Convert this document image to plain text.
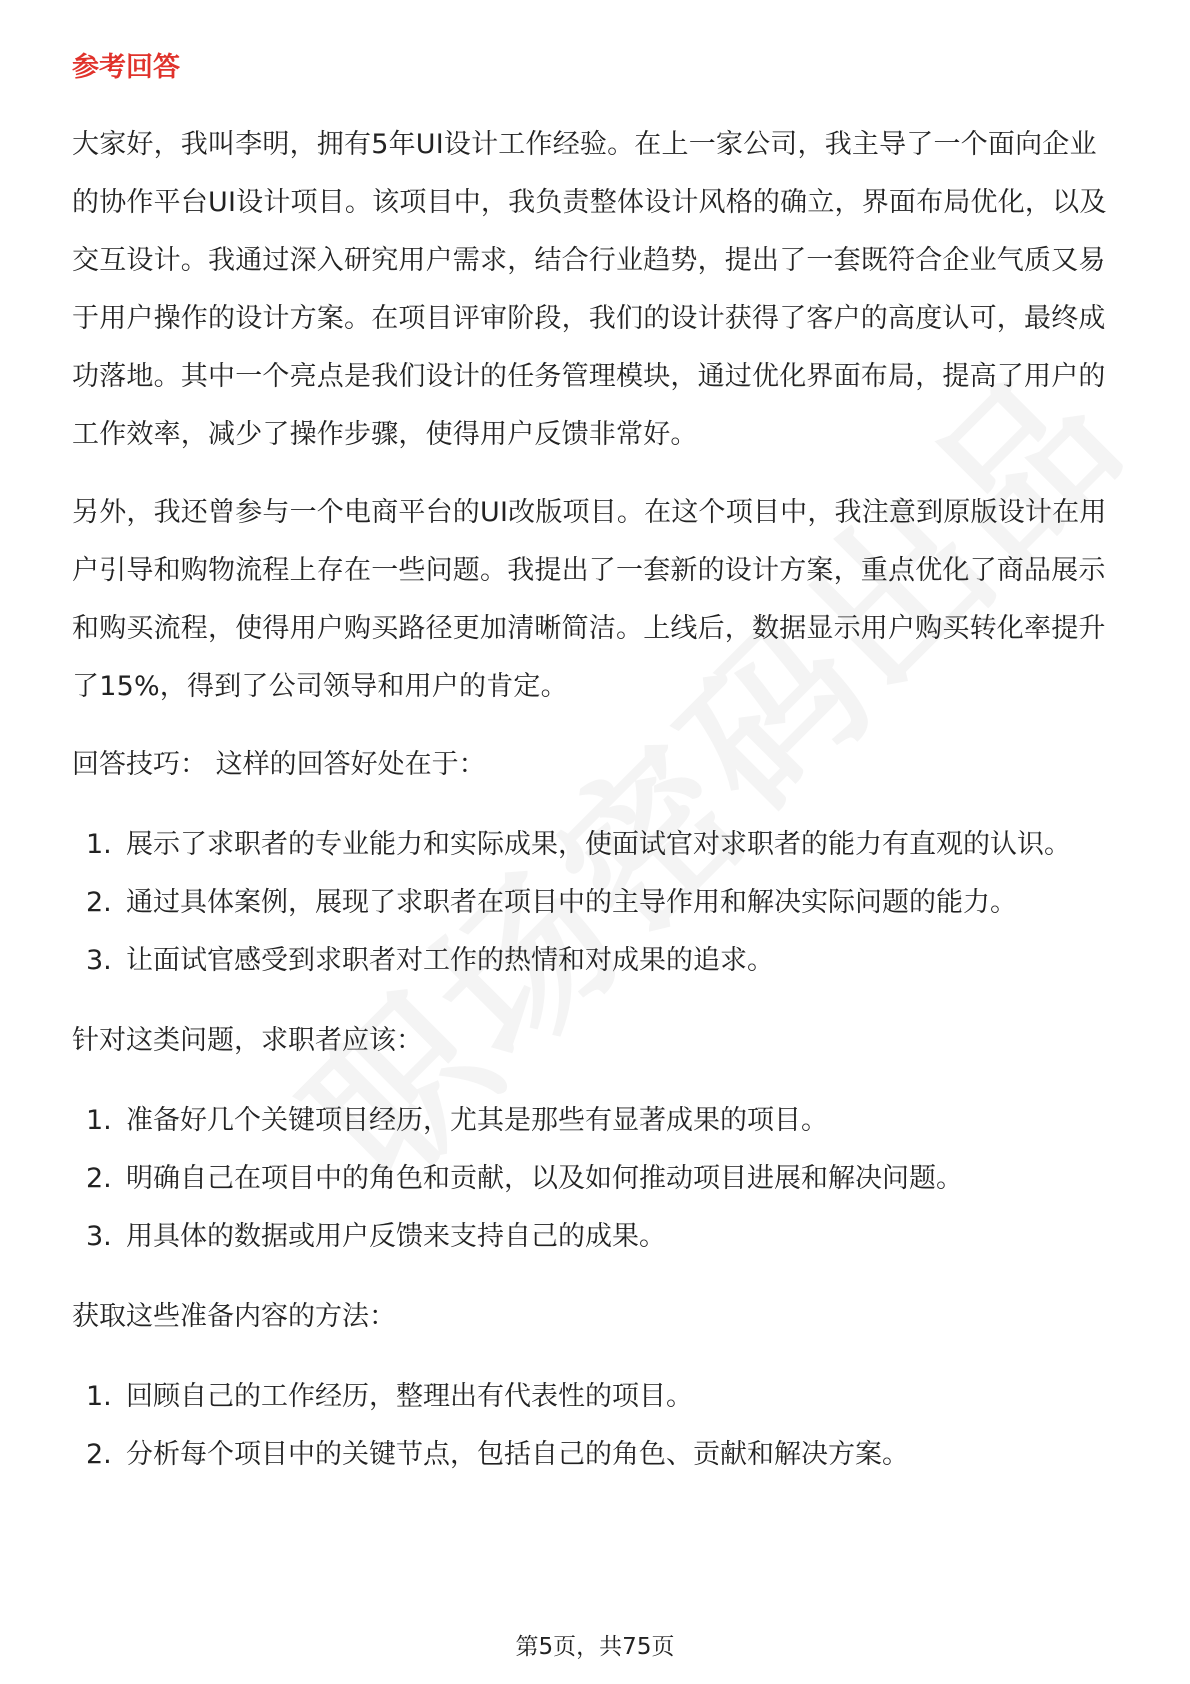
参考回答

大家好，我叫李明，拥有5年UI设计工作经验。在上一家公司，我主导了一个面向企业的协作平台UI设计项目。该项目中，我负责整体设计风格的确立，界面布局优化，以及交互设计。我通过深入研究用户需求，结合行业趋势，提出了一套既符合企业气质又易于用户操作的设计方案。在项目评审阶段，我们的设计获得了客户的高度认可，最终成功落地。其中一个亮点是我们设计的任务管理模块，通过优化界面布局，提高了用户的工作效率，减少了操作步骤，使得用户反馈非常好。

另外，我还曾参与一个电商平台的UI改版项目。在这个项目中，我注意到原版设计在用户引导和购物流程上存在一些问题。我提出了一套新的设计方案，重点优化了商品展示和购买流程，使得用户购买路径更加清晰简洁。上线后，数据显示用户购买转化率提升了15%，得到了公司领导和用户的肯定。

回答技巧： 这样的回答好处在于：

1. 展示了求职者的专业能力和实际成果，使面试官对求职者的能力有直观的认识。
2. 通过具体案例，展现了求职者在项目中的主导作用和解决实际问题的能力。
3. 让面试官感受到求职者对工作的热情和对成果的追求。

针对这类问题，求职者应该：

1. 准备好几个关键项目经历，尤其是那些有显著成果的项目。
2. 明确自己在项目中的角色和贡献，以及如何推动项目进展和解决问题。
3. 用具体的数据或用户反馈来支持自己的成果。

获取这些准备内容的方法：

1. 回顾自己的工作经历，整理出有代表性的项目。
2. 分析每个项目中的关键节点，包括自己的角色、贡献和解决方案。
第5页，共75页
